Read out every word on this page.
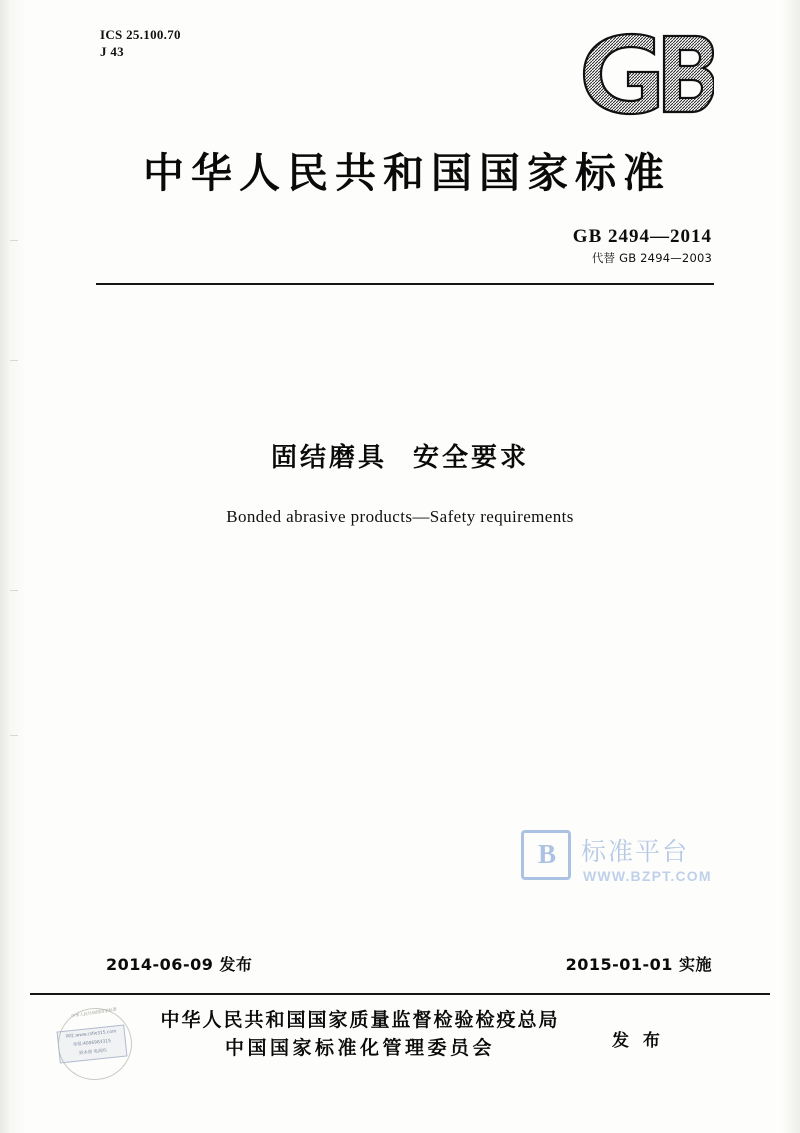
ICS 25.100.70
J 43
中华人民共和国国家标准
GB 2494—2014
代替 GB 2494—2003
固结磨具 安全要求
Bonded abrasive products—Safety requirements
B	标准平台
WWW.BZPT.COM
2014-06-09 发布	2015-01-01 实施
中华人民共和国国家标准
网址:www.csfw315.com
举报:4006983315
到本册 电商的
中华人民共和国国家质量监督检验检疫总局
中国国家标准化管理委员会	发 布
